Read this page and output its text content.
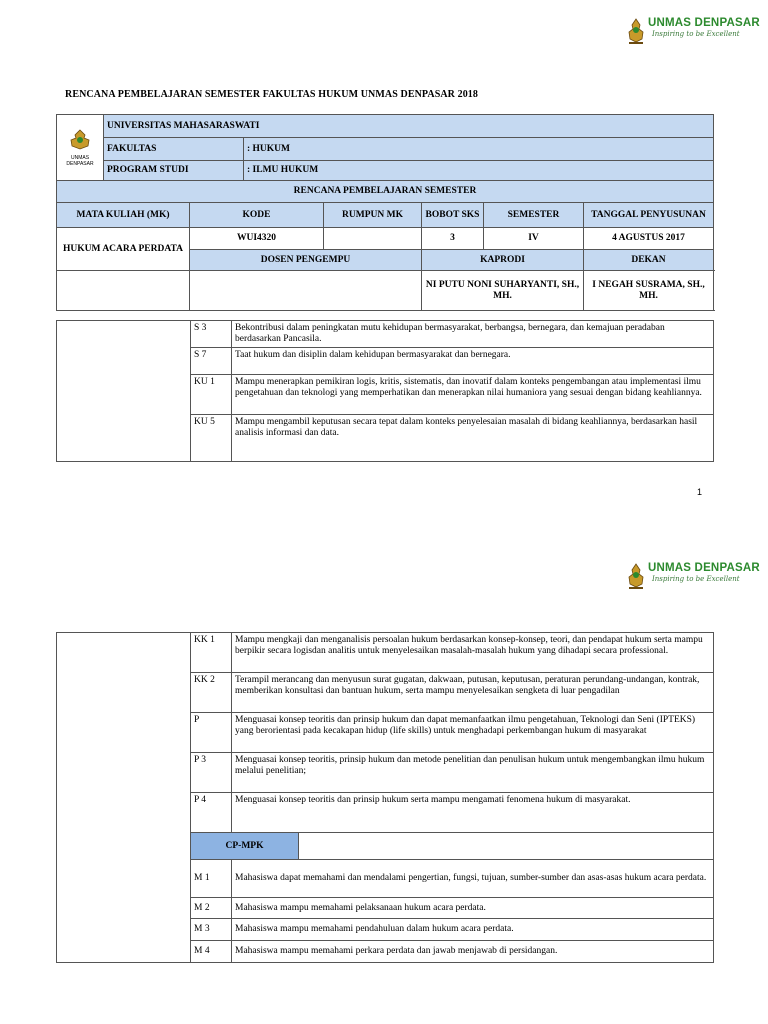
UNMAS DENPASAR
Inspiring to be Excellent
RENCANA PEMBELAJARAN SEMESTER FAKULTAS HUKUM UNMAS DENPASAR 2018
UNMAS DENPASAR	UNIVERSITAS MAHASARASWATI						
	FAKULTAS		: HUKUM				
	PROGRAM STUDI		: ILMU HUKUM				
RENCANA PEMBELAJARAN SEMESTER							
MATA KULIAH (MK)		KODE		RUMPUN MK	BOBOT SKS	SEMESTER	TANGGAL PENYUSUNAN
HUKUM ACARA PERDATA		WUI4320			3	IV	4 AGUSTUS 2017
		DOSEN PENGEMPU			KAPRODI		DEKAN
					NI PUTU NONI SUHARYANTI, SH., MH.		I NEGAH SUSRAMA, SH., MH.
	S 3	Bekontribusi dalam peningkatan mutu kehidupan bermasyarakat, berbangsa, bernegara, dan kemajuan peradaban berdasarkan Pancasila.
	S 7	Taat hukum dan disiplin dalam kehidupan bermasyarakat dan bernegara.
	KU 1	Mampu menerapkan pemikiran logis, kritis, sistematis, dan inovatif dalam konteks pengembangan atau implementasi ilmu pengetahuan dan teknologi yang memperhatikan dan menerapkan nilai humaniora yang sesuai dengan bidang keahliannya.
	KU 5	Mampu mengambil keputusan secara tepat dalam konteks penyelesaian masalah di bidang keahliannya, berdasarkan hasil analisis informasi dan data.
1
UNMAS DENPASAR
Inspiring to be Excellent
	KK 1	Mampu mengkaji dan menganalisis persoalan hukum berdasarkan konsep-konsep, teori, dan pendapat hukum serta mampu berpikir secara logisdan analitis untuk menyelesaikan masalah-masalah hukum yang dihadapi secara professional.	
	KK 2	Terampil merancang dan menyusun surat gugatan, dakwaan, putusan, keputusan, peraturan perundang-undangan, kontrak, memberikan konsultasi dan bantuan hukum, serta mampu menyelesaikan sengketa di luar pengadilan	
	P	Menguasai konsep teoritis dan prinsip hukum dan dapat memanfaatkan ilmu pengetahuan, Teknologi dan Seni (IPTEKS) yang berorientasi pada kecakapan hidup (life skills) untuk menghadapi perkembangan hukum di masyarakat	
	P 3	Menguasai konsep teoritis, prinsip hukum dan metode penelitian dan penulisan hukum untuk mengembangkan ilmu hukum melalui penelitian;	
	P 4	Menguasai konsep teoritis dan prinsip hukum serta mampu mengamati fenomena hukum di masyarakat.	
	CP-MPK		
	M 1	Mahasiswa dapat memahami dan mendalami pengertian, fungsi, tujuan, sumber-sumber dan asas-asas hukum acara perdata.	
	M 2	Mahasiswa mampu memahami pelaksanaan hukum acara perdata.	
	M 3	Mahasiswa mampu memahami pendahuluan dalam hukum acara perdata.	
	M 4	Mahasiswa mampu memahami perkara perdata dan jawab menjawab di persidangan.	
